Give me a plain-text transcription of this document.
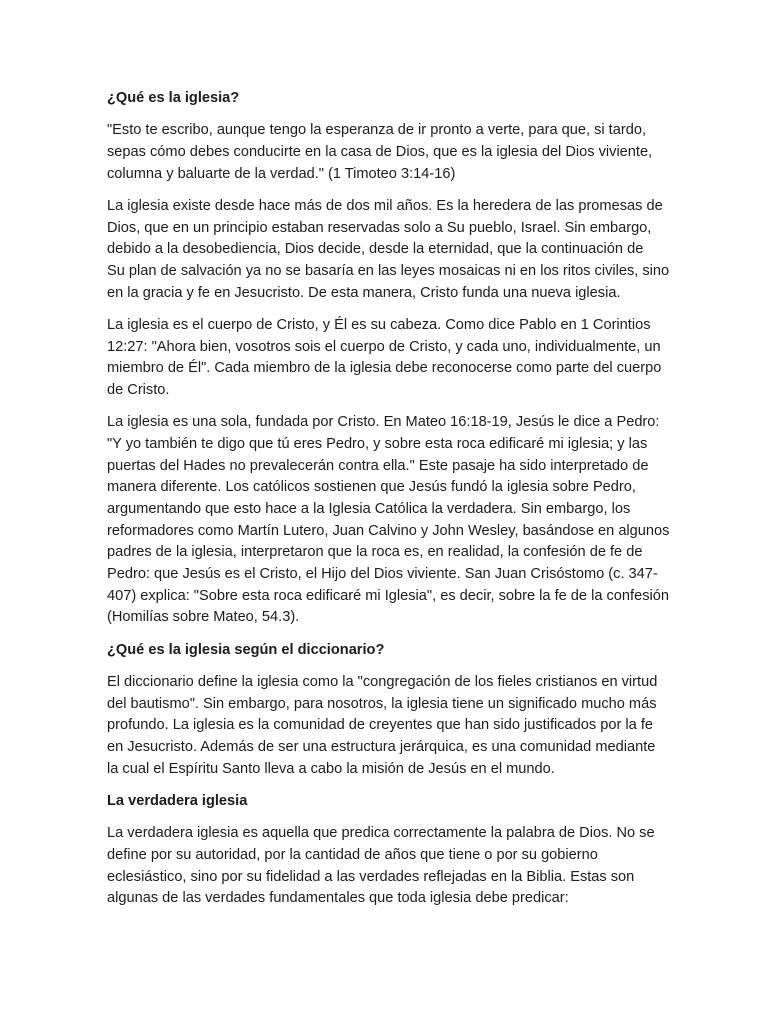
¿Qué es la iglesia?
"Esto te escribo, aunque tengo la esperanza de ir pronto a verte, para que, si tardo,
sepas cómo debes conducirte en la casa de Dios, que es la iglesia del Dios viviente,
columna y baluarte de la verdad." (1 Timoteo 3:14-16)
La iglesia existe desde hace más de dos mil años. Es la heredera de las promesas de
Dios, que en un principio estaban reservadas solo a Su pueblo, Israel. Sin embargo,
debido a la desobediencia, Dios decide, desde la eternidad, que la continuación de
Su plan de salvación ya no se basaría en las leyes mosaicas ni en los ritos civiles, sino
en la gracia y fe en Jesucristo. De esta manera, Cristo funda una nueva iglesia.
La iglesia es el cuerpo de Cristo, y Él es su cabeza. Como dice Pablo en 1 Corintios
12:27: "Ahora bien, vosotros sois el cuerpo de Cristo, y cada uno, individualmente, un
miembro de Él". Cada miembro de la iglesia debe reconocerse como parte del cuerpo
de Cristo.
La iglesia es una sola, fundada por Cristo. En Mateo 16:18-19, Jesús le dice a Pedro:
"Y yo también te digo que tú eres Pedro, y sobre esta roca edificaré mi iglesia; y las
puertas del Hades no prevalecerán contra ella." Este pasaje ha sido interpretado de
manera diferente. Los católicos sostienen que Jesús fundó la iglesia sobre Pedro,
argumentando que esto hace a la Iglesia Católica la verdadera. Sin embargo, los
reformadores como Martín Lutero, Juan Calvino y John Wesley, basándose en algunos
padres de la iglesia, interpretaron que la roca es, en realidad, la confesión de fe de
Pedro: que Jesús es el Cristo, el Hijo del Dios viviente. San Juan Crisóstomo (c. 347-
407) explica: "Sobre esta roca edificaré mi Iglesia", es decir, sobre la fe de la confesión
(Homilías sobre Mateo, 54.3).
¿Qué es la iglesia según el diccionario?
El diccionario define la iglesia como la "congregación de los fieles cristianos en virtud
del bautismo". Sin embargo, para nosotros, la iglesia tiene un significado mucho más
profundo. La iglesia es la comunidad de creyentes que han sido justificados por la fe
en Jesucristo. Además de ser una estructura jerárquica, es una comunidad mediante
la cual el Espíritu Santo lleva a cabo la misión de Jesús en el mundo.
La verdadera iglesia
La verdadera iglesia es aquella que predica correctamente la palabra de Dios. No se
define por su autoridad, por la cantidad de años que tiene o por su gobierno
eclesiástico, sino por su fidelidad a las verdades reflejadas en la Biblia. Estas son
algunas de las verdades fundamentales que toda iglesia debe predicar:
